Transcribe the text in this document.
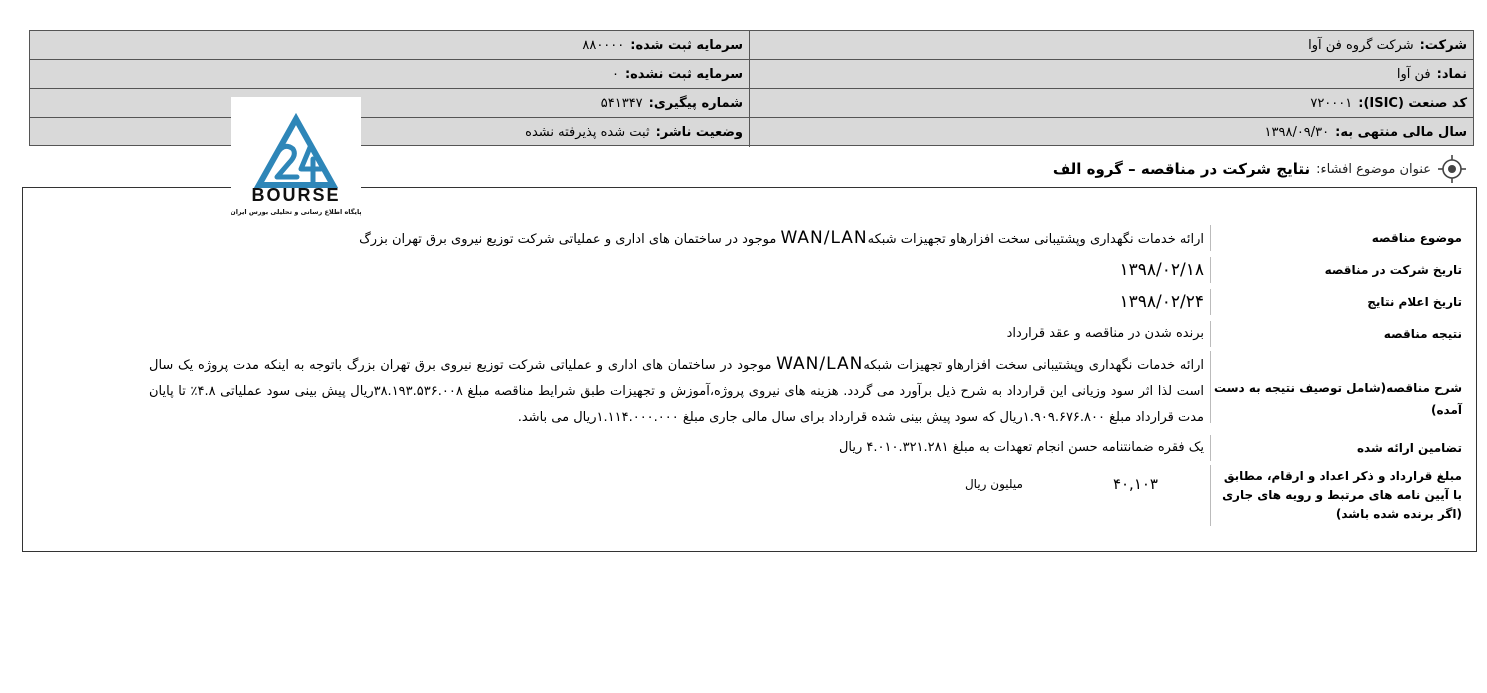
شرکت:
شرکت گروه فن آوا
سرمایه ثبت شده:
۸۸۰۰۰۰
نماد:
فن آوا
سرمایه ثبت نشده:
۰
کد صنعت (ISIC):
۷۲۰۰۰۱
شماره پیگیری:
۵۴۱۳۴۷
سال مالی منتهی به:
۱۳۹۸/۰۹/۳۰
وضعیت ناشر:
ثبت شده پذیرفته نشده
موضوع مناقصه
ارائه خدمات نگهداری وپشتیبانی سخت افزارهاو تجهیزات شبکهWAN/LAN موجود در ساختمان های اداری و عملیاتی شرکت توزیع نیروی برق تهران بزرگ
تاریخ شرکت در مناقصه
۱۳۹۸/۰۲/۱۸
تاریخ اعلام نتایج
۱۳۹۸/۰۲/۲۴
نتیجه مناقصه
برنده شدن در مناقصه و عقد قرارداد
شرح مناقصه(شامل توصیف نتیجه به دست آمده)
ارائه خدمات نگهداری وپشتیبانی سخت افزارهاو تجهیزات شبکهWAN/LAN موجود در ساختمان های اداری و عملیاتی شرکت توزیع نیروی برق تهران بزرگ باتوجه به اینکه مدت پروژه یک سال است لذا اثر سود وزیانی این قرارداد به شرح ذیل برآورد می گردد. هزینه های نیروی پروژه،آموزش و تجهیزات طبق شرایط مناقصه مبلغ ۳۸.۱۹۳.۵۳۶.۰۰۸ریال پیش بینی سود عملیاتی ۴.۸٪ تا پایان مدت قرارداد مبلغ ۱.۹۰۹.۶۷۶.۸۰۰ریال که سود پیش بینی شده قرارداد برای سال مالی جاری مبلغ ۱.۱۱۴.۰۰۰.۰۰۰ریال می باشد.
تضامین ارائه شده
یک فقره ضمانتنامه حسن انجام تعهدات به مبلغ ۴.۰۱۰.۳۲۱.۲۸۱ ریال
مبلغ قرارداد و ذکر اعداد و ارقام، مطابق با آیین نامه های مرتبط و رویه های جاری (اگر برنده شده باشد)
۴۰,۱۰۳
میلیون ریال
BOURSE
پایگاه اطلاع رسانی و تحلیلی بورس ایران
عنوان موضوع افشاء:
نتایج شرکت در مناقصه – گروه الف
